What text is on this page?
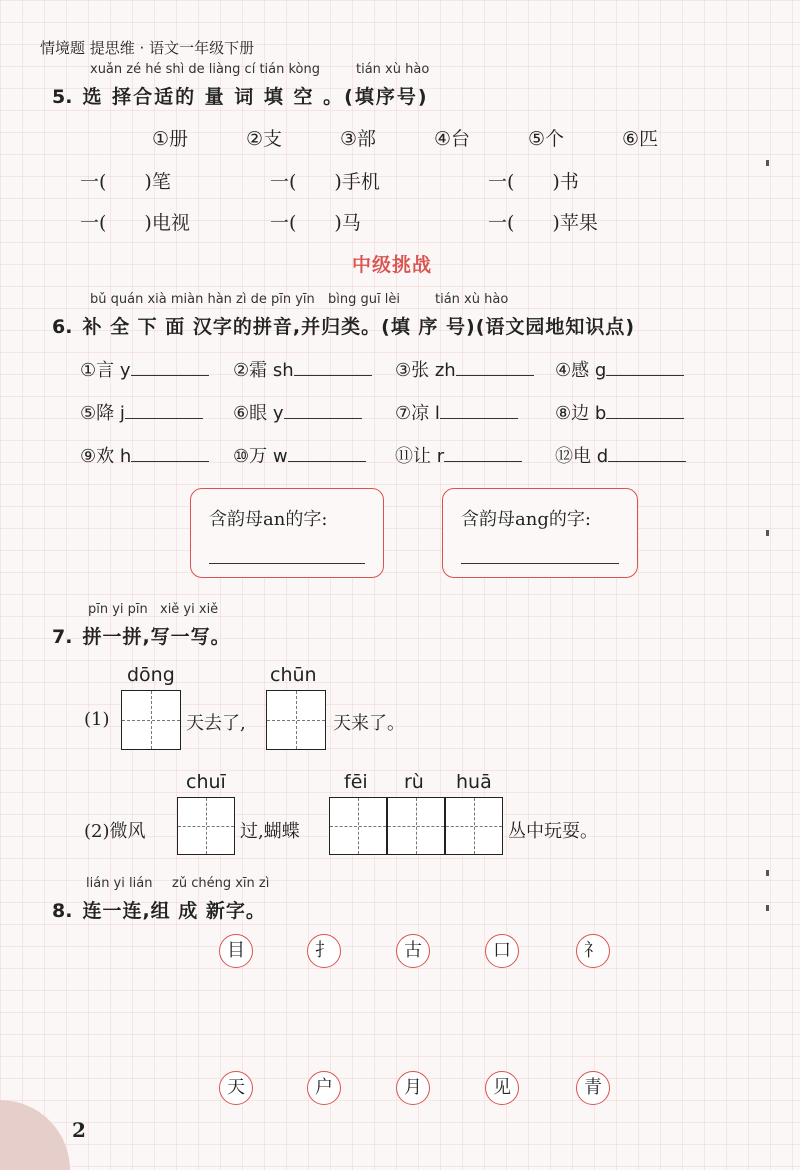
情境题 提思维 · 语文一年级下册
xuǎn zé hé shì de liàng cí tián kòng	tián xù hào
5. 选 择合适的 量 词 填 空 。(填序号)
①册	②支	③部	④台	⑤个	⑥匹
一(　　)笔	一(　　)手机	一(　　)书
一(　　)电视	一(　　)马	一(　　)苹果
中级挑战
bǔ quán xià miàn hàn zì de pīn yīn bìng guī lèi	tián xù hào
6. 补 全 下 面 汉字的拼音,并归类。(填 序 号)(语文园地知识点)
①言 y	②霜 sh	③张 zh	④感 g
⑤降 j	⑥眼 y	⑦凉 l	⑧边 b
⑨欢 h	⑩万 w	⑪让 r	⑫电 d
含韵母an的字:	含韵母ang的字:
pīn yi pīn xiě yi xiě
7. 拼一拼,写一写。
dōng	chūn
(1)	天去了,	天来了。
chuī	fēi rù huā
(2)微风	过,蝴蝶	丛中玩耍。
lián yi lián zǔ chéng xīn zì
8. 连一连,组 成 新字。
目	扌	古	口	礻
天	户	月	见	青
2
